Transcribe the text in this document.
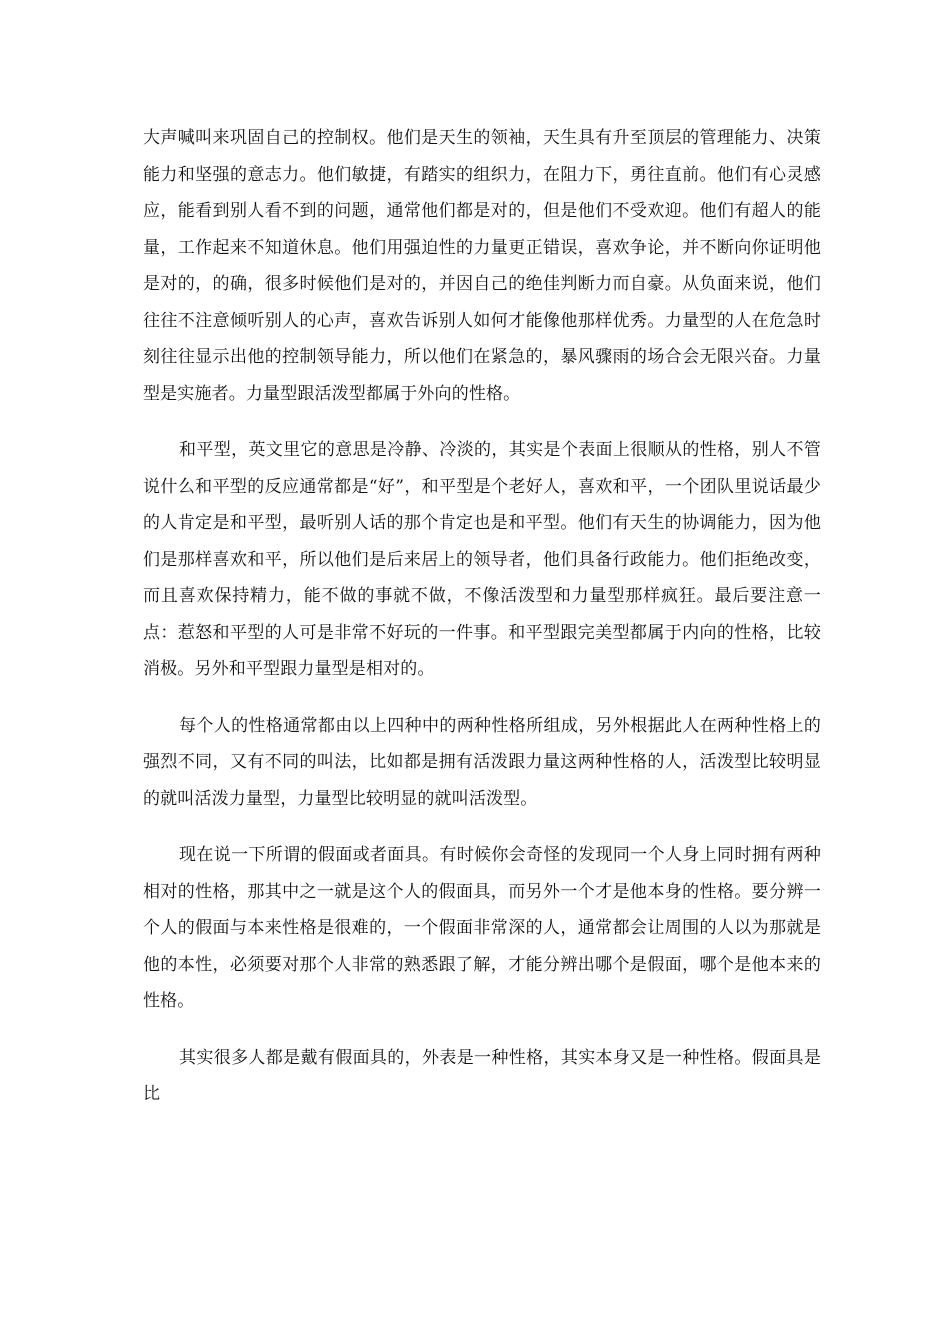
大声喊叫来巩固自己的控制权。他们是天生的领袖，天生具有升至顶层的管理能力、决策能力和坚强的意志力。他们敏捷，有踏实的组织力，在阻力下，勇往直前。他们有心灵感应，能看到别人看不到的问题，通常他们都是对的，但是他们不受欢迎。他们有超人的能量，工作起来不知道休息。他们用强迫性的力量更正错误，喜欢争论，并不断向你证明他是对的，的确，很多时候他们是对的，并因自己的绝佳判断力而自豪。从负面来说，他们往往不注意倾听别人的心声，喜欢告诉别人如何才能像他那样优秀。力量型的人在危急时刻往往显示出他的控制领导能力，所以他们在紧急的，暴风骤雨的场合会无限兴奋。力量型是实施者。力量型跟活泼型都属于外向的性格。

和平型，英文里它的意思是冷静、冷淡的，其实是个表面上很顺从的性格，别人不管说什么和平型的反应通常都是“好”，和平型是个老好人，喜欢和平，一个团队里说话最少的人肯定是和平型，最听别人话的那个肯定也是和平型。他们有天生的协调能力，因为他们是那样喜欢和平，所以他们是后来居上的领导者，他们具备行政能力。他们拒绝改变，而且喜欢保持精力，能不做的事就不做，不像活泼型和力量型那样疯狂。最后要注意一点：惹怒和平型的人可是非常不好玩的一件事。和平型跟完美型都属于内向的性格，比较消极。另外和平型跟力量型是相对的。

每个人的性格通常都由以上四种中的两种性格所组成，另外根据此人在两种性格上的强烈不同，又有不同的叫法，比如都是拥有活泼跟力量这两种性格的人，活泼型比较明显的就叫活泼力量型，力量型比较明显的就叫活泼型。

现在说一下所谓的假面或者面具。有时候你会奇怪的发现同一个人身上同时拥有两种相对的性格，那其中之一就是这个人的假面具，而另外一个才是他本身的性格。要分辨一个人的假面与本来性格是很难的，一个假面非常深的人，通常都会让周围的人以为那就是他的本性，必须要对那个人非常的熟悉跟了解，才能分辨出哪个是假面，哪个是他本来的性格。

其实很多人都是戴有假面具的，外表是一种性格，其实本身又是一种性格。假面具是比
